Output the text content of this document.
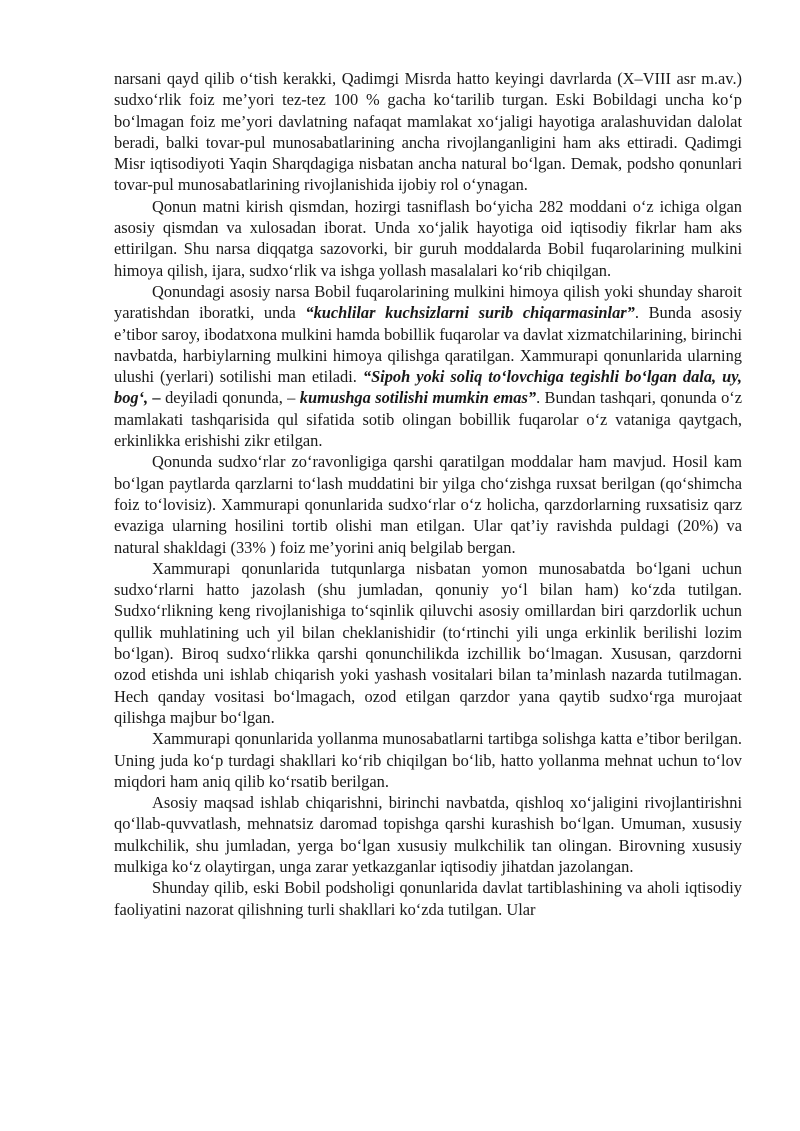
narsani qayd qilib o‘tish kerakki, Qadimgi Misrda hatto keyingi davrlarda (X–VIII asr m.av.) sudxo‘rlik foiz me’yori tez-tez 100 % gacha ko‘tarilib turgan. Eski Bobildagi uncha ko‘p bo‘lmagan foiz me’yori davlatning nafaqat mamlakat xo‘jaligi hayotiga aralashuvidan dalolat beradi, balki tovar-pul munosabatlarining ancha rivojlanganligini ham aks ettiradi. Qadimgi Misr iqtisodiyoti Yaqin Sharqdagiga nisbatan ancha natural bo‘lgan. Demak, podsho qonunlari tovar-pul munosabatlarining rivojlanishida ijobiy rol o‘ynagan.

Qonun matni kirish qismdan, hozirgi tasniflash bo‘yicha 282 moddani o‘z ichiga olgan asosiy qismdan va xulosadan iborat. Unda xo‘jalik hayotiga oid iqtisodiy fikrlar ham aks ettirilgan. Shu narsa diqqatga sazovorki, bir guruh moddalarda Bobil fuqarolarining mulkini himoya qilish, ijara, sudxo‘rlik va ishga yollash masalalari ko‘rib chiqilgan.

Qonundagi asosiy narsa Bobil fuqarolarining mulkini himoya qilish yoki shunday sharoit yaratishdan iboratki, unda “kuchlilar kuchsizlarni surib chiqarmasinlar”. Bunda asosiy e’tibor saroy, ibodatxona mulkini hamda bobillik fuqarolar va davlat xizmatchilarining, birinchi navbatda, harbiylarning mulkini himoya qilishga qaratilgan. Xammurapi qonunlarida ularning ulushi (yerlari) sotilishi man etiladi. “Sipoh yoki soliq to‘lovchiga tegishli bo‘lgan dala, uy, bog‘, – deyiladi qonunda, – kumushga sotilishi mumkin emas”. Bundan tashqari, qonunda o‘z mamlakati tashqarisida qul sifatida sotib olingan bobillik fuqarolar o‘z vataniga qaytgach, erkinlikka erishishi zikr etilgan.

Qonunda sudxo‘rlar zo‘ravonligiga qarshi qaratilgan moddalar ham mavjud. Hosil kam bo‘lgan paytlarda qarzlarni to‘lash muddatini bir yilga cho‘zishga ruxsat berilgan (qo‘shimcha foiz to‘lovisiz). Xammurapi qonunlarida sudxo‘rlar o‘z holicha, qarzdorlarning ruxsatisiz qarz evaziga ularning hosilini tortib olishi man etilgan. Ular qat’iy ravishda puldagi (20%) va natural shakldagi (33% ) foiz me’yorini aniq belgilab bergan.

Xammurapi qonunlarida tutqunlarga nisbatan yomon munosabatda bo‘lgani uchun sudxo‘rlarni hatto jazolash (shu jumladan, qonuniy yo‘l bilan ham) ko‘zda tutilgan. Sudxo‘rlikning keng rivojlanishiga to‘sqinlik qiluvchi asosiy omillardan biri qarzdorlik uchun qullik muhlatining uch yil bilan cheklanishidir (to‘rtinchi yili unga erkinlik berilishi lozim bo‘lgan). Biroq sudxo‘rlikka qarshi qonunchilikda izchillik bo‘lmagan. Xususan, qarzdorni ozod etishda uni ishlab chiqarish yoki yashash vositalari bilan ta’minlash nazarda tutilmagan. Hech qanday vositasi bo‘lmagach, ozod etilgan qarzdor yana qaytib sudxo‘rga murojaat qilishga majbur bo‘lgan.

Xammurapi qonunlarida yollanma munosabatlarni tartibga solishga katta e’tibor berilgan. Uning juda ko‘p turdagi shakllari ko‘rib chiqilgan bo‘lib, hatto yollanma mehnat uchun to‘lov miqdori ham aniq qilib ko‘rsatib berilgan.

Asosiy maqsad ishlab chiqarishni, birinchi navbatda, qishloq xo‘jaligini rivojlantirishni qo‘llab-quvvatlash, mehnatsiz daromad topishga qarshi kurashish bo‘lgan. Umuman, xususiy mulkchilik, shu jumladan, yerga bo‘lgan xususiy mulkchilik tan olingan. Birovning xususiy mulkiga ko‘z olaytirgan, unga zarar yetkazganlar iqtisodiy jihatdan jazolangan.

Shunday qilib, eski Bobil podsholigi qonunlarida davlat tartiblashining va aholi iqtisodiy faoliyatini nazorat qilishning turli shakllari ko‘zda tutilgan. Ular
